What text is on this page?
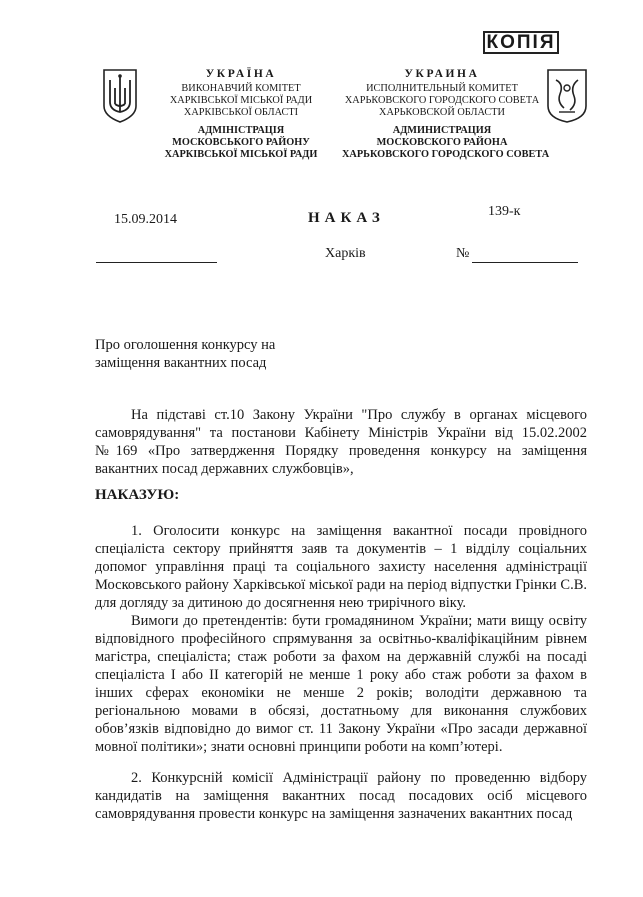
КОПІЯ
УКРАЇНА
ВИКОНАВЧИЙ КОМІТЕТ
ХАРКІВСЬКОЇ МІСЬКОЇ РАДИ
ХАРКІВСЬКОЇ ОБЛАСТІ
АДМІНІСТРАЦІЯ
МОСКОВСЬКОГО РАЙОНУ
ХАРКІВСЬКОЇ МІСЬКОЇ РАДИ
УКРАИНА
ИСПОЛНИТЕЛЬНЫЙ КОМИТЕТ
ХАРЬКОВСКОГО ГОРОДСКОГО СОВЕТА
ХАРЬКОВСКОЙ ОБЛАСТИ
АДМИНИСТРАЦИЯ
МОСКОВСКОГО РАЙОНА
ХАРЬКОВСКОГО ГОРОДСКОГО СОВЕТА
15.09.2014	НАКАЗ	139-к
Харків	№
Про оголошення конкурсу на
заміщення вакантних посад

На підставі ст.10 Закону України "Про службу в органах місцевого самоврядування" та постанови Кабінету Міністрів України від 15.02.2002 №169 «Про затвердження Порядку проведення конкурсу на заміщення вакантних посад державних службовців»,

НАКАЗУЮ:

1. Оголосити конкурс на заміщення вакантної посади провідного спеціаліста сектору прийняття заяв та документів – 1 відділу соціальних допомог управління праці та соціального захисту населення адміністрації Московського району Харківської міської ради на період відпустки Грінки С.В. для догляду за дитиною до досягнення нею трирічного віку.

Вимоги до претендентів: бути громадянином України; мати вищу освіту відповідного професійного спрямування за освітньо-кваліфікаційним рівнем магістра, спеціаліста; стаж роботи за фахом на державній службі на посаді спеціаліста І або ІІ категорій не менше 1 року або стаж роботи за фахом в інших сферах економіки не менше 2 років; володіти державною та регіональною мовами в обсязі, достатньому для виконання службових обов’язків відповідно до вимог ст. 11 Закону України «Про засади державної мовної політики»; знати основні принципи роботи на комп’ютері.

2. Конкурсній комісії Адміністрації району по проведенню відбору кандидатів на заміщення вакантних посад посадових осіб місцевого самоврядування провести конкурс на заміщення зазначених вакантних посад
